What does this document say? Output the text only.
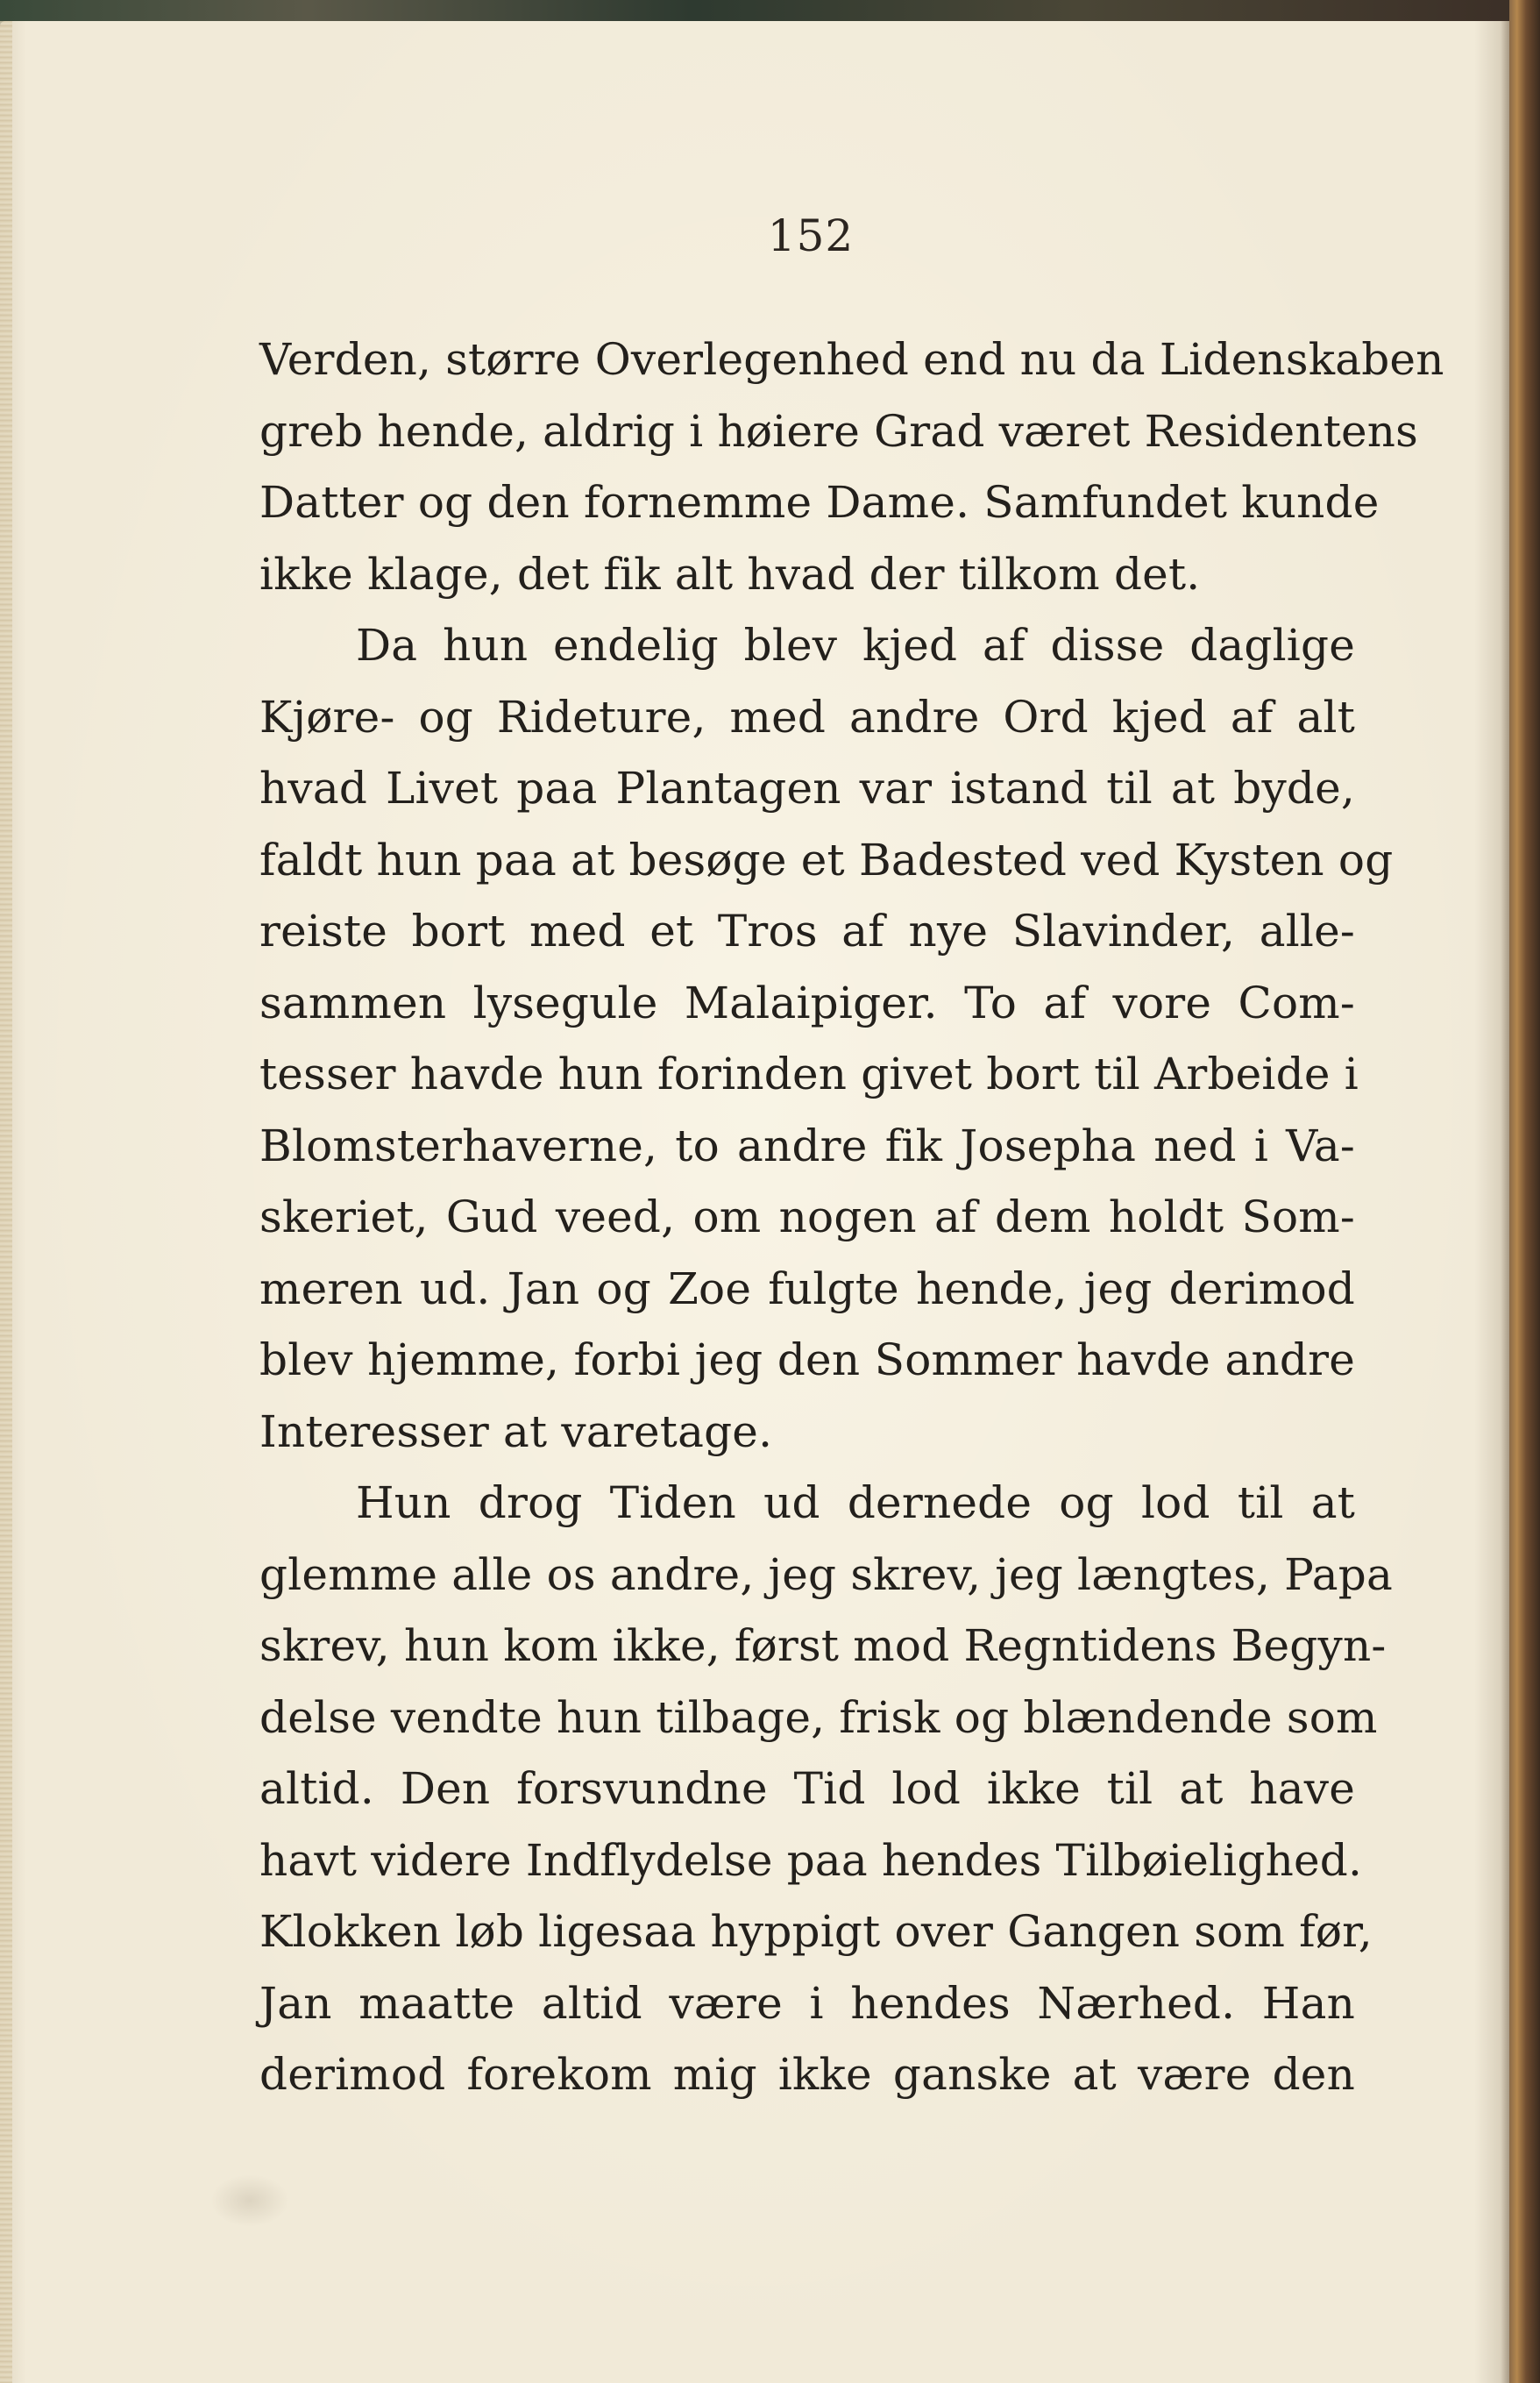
152
Verden, større Overlegenhed end nu da Lidenskaben
greb hende, aldrig i høiere Grad været Residentens
Datter og den fornemme Dame. Samfundet kunde
ikke klage, det fik alt hvad der tilkom det.
Da hun endelig blev kjed af disse daglige
Kjøre- og Rideture, med andre Ord kjed af alt
hvad Livet paa Plantagen var istand til at byde,
faldt hun paa at besøge et Badested ved Kysten og
reiste bort med et Tros af nye Slavinder, alle-
sammen lysegule Malaipiger. To af vore Com-
tesser havde hun forinden givet bort til Arbeide i
Blomsterhaverne, to andre fik Josepha ned i Va-
skeriet, Gud veed, om nogen af dem holdt Som-
meren ud. Jan og Zoe fulgte hende, jeg derimod
blev hjemme, forbi jeg den Sommer havde andre
Interesser at varetage.
Hun drog Tiden ud dernede og lod til at
glemme alle os andre, jeg skrev, jeg længtes, Papa
skrev, hun kom ikke, først mod Regntidens Begyn-
delse vendte hun tilbage, frisk og blændende som
altid. Den forsvundne Tid lod ikke til at have
havt videre Indflydelse paa hendes Tilbøielighed.
Klokken løb ligesaa hyppigt over Gangen som før,
Jan maatte altid være i hendes Nærhed. Han
derimod forekom mig ikke ganske at være den
